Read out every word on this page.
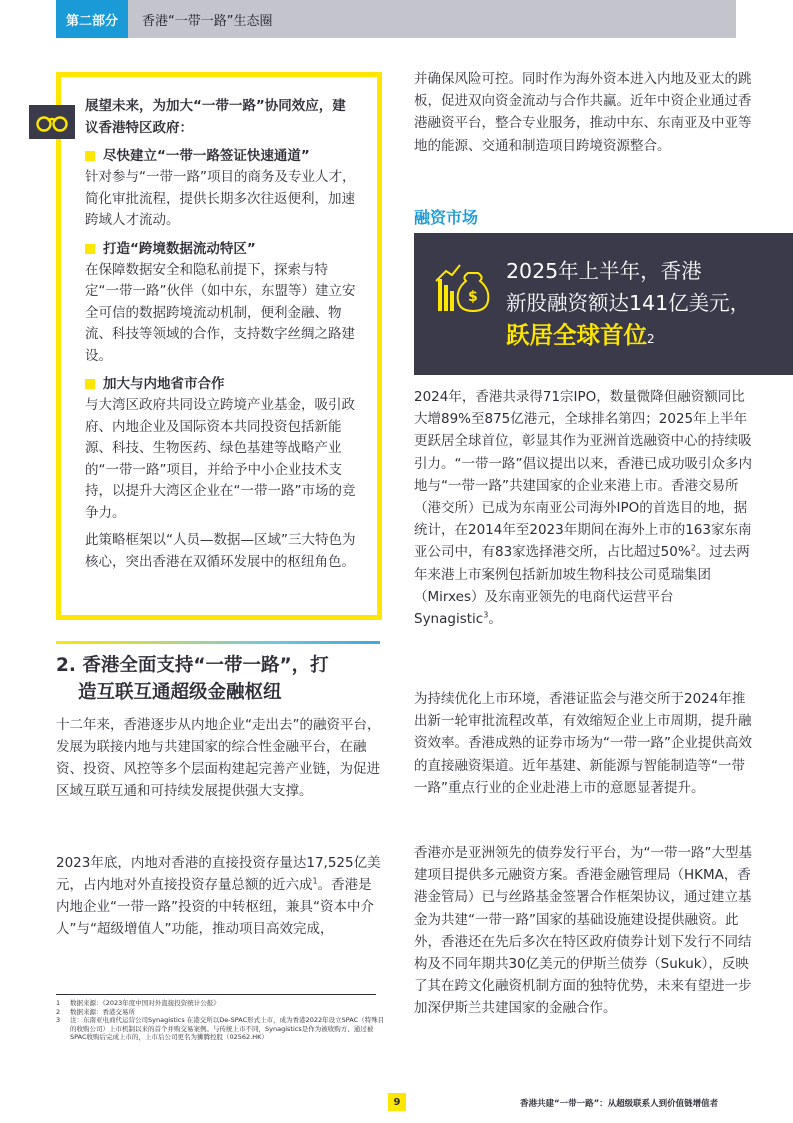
第二部分	香港“一带一路”生态圈
展望未来，为加大“一带一路”协同效应，建议香港特区政府：
尽快建立“一带一路签证快速通道”
针对参与“一带一路”项目的商务及专业人才，简化审批流程，提供长期多次往返便利，加速跨域人才流动。
打造“跨境数据流动特区”
在保障数据安全和隐私前提下，探索与特定“一带一路”伙伴（如中东，东盟等）建立安全可信的数据跨境流动机制，便利金融、物流、科技等领域的合作，支持数字丝绸之路建设。
加大与内地省市合作
与大湾区政府共同设立跨境产业基金，吸引政府、内地企业及国际资本共同投资包括新能源、科技、生物医药、绿色基建等战略产业的“一带一路”项目，并给予中小企业技术支持，以提升大湾区企业在“一带一路”市场的竞争力。
此策略框架以“人员—数据—区域”三大特色为核心，突出香港在双循环发展中的枢纽角色。
2. 香港全面支持“一带一路”，打
造互联互通超级金融枢纽
十二年来，香港逐步从内地企业“走出去”的融资平台，发展为联接内地与共建国家的综合性金融平台，在融资、投资、风控等多个层面构建起完善产业链，为促进区域互联互通和可持续发展提供强大支撑。
2023年底，内地对香港的直接投资存量达17,525亿美元，占内地对外直接投资存量总额的近六成$^1$。香港是内地企业“一带一路”投资的中转枢纽，兼具“资本中介人”与“超级增值人”功能，推动项目高效完成，
1	数据来源：《2023年度中国对外直接投资统计公报》
2	数据来源：香港交易所
3	注：东南亚电商代运营公司Synagistics 在港交所以De-SPAC形式上市，成为香港2022年设立SPAC（特殊目的收购公司）上市机制以来的首个并购交易案例。与传统上市不同，Synagistics是作为被收购方、通过被SPAC收购后完成上市的，上市后公司更名为狮腾控股（02562.HK）
并确保风险可控。同时作为海外资本进入内地及亚太的跳板，促进双向资金流动与合作共赢。近年中资企业通过香港融资平台，整合专业服务，推动中东、东南亚及中亚等地的能源、交通和制造项目跨境资源整合。
融资市场
$
2025年上半年，香港
新股融资额达141亿美元，
跃居全球首位2
2024年，香港共录得71宗IPO，数量微降但融资额同比大增89%至875亿港元，全球排名第四；2025年上半年更跃居全球首位，彰显其作为亚洲首选融资中心的持续吸引力。“一带一路”倡议提出以来，香港已成功吸引众多内地与“一带一路”共建国家的企业来港上市。香港交易所（港交所）已成为东南亚公司海外IPO的首选目的地，据统计，在2014年至2023年期间在海外上市的163家东南亚公司中，有83家选择港交所，占比超过50%$^2$。过去两年来港上市案例包括新加坡生物科技公司觅瑞集团（Mirxes）及东南亚领先的电商代运营平台Synagistic$^3$。
为持续优化上市环境，香港证监会与港交所于2024年推出新一轮审批流程改革，有效缩短企业上市周期，提升融资效率。香港成熟的证券市场为“一带一路”企业提供高效的直接融资渠道。近年基建、新能源与智能制造等“一带一路”重点行业的企业赴港上市的意愿显著提升。
香港亦是亚洲领先的债券发行平台，为“一带一路”大型基建项目提供多元融资方案。香港金融管理局（HKMA，香港金管局）已与丝路基金签署合作框架协议，通过建立基金为共建“一带一路”国家的基础设施建设提供融资。此外，香港还在先后多次在特区政府债券计划下发行不同结构及不同年期共30亿美元的伊斯兰债券（Sukuk），反映了其在跨文化融资机制方面的独特优势，未来有望进一步加深伊斯兰共建国家的金融合作。
9	香港共建“一带一路”：从超级联系人到价值链增值者
